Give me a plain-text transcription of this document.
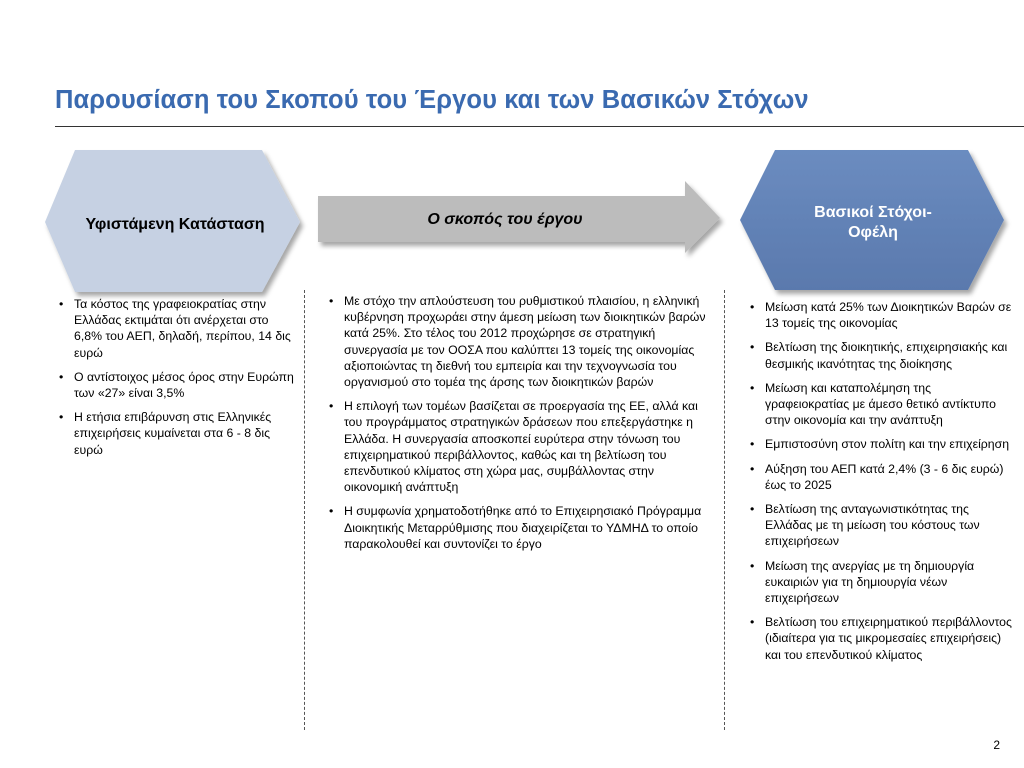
Παρουσίαση του Σκοπού του Έργου και των Βασικών Στόχων
Υφιστάμενη Κατάσταση	Ο σκοπός του έργου	Βασικοί Στόχοι-
Οφέλη
• Τα κόστος της γραφειοκρατίας στην Ελλάδας εκτιμάται ότι ανέρχεται στο 6,8% του ΑΕΠ, δηλαδή, περίπου, 14 δις ευρώ
• Ο αντίστοιχος μέσος όρος στην Ευρώπη των «27» είναι 3,5%
• Η ετήσια επιβάρυνση στις Ελληνικές επιχειρήσεις κυμαίνεται στα 6 - 8 δις ευρώ
• Με στόχο την απλούστευση του ρυθμιστικού πλαισίου, η ελληνική κυβέρνηση προχωράει στην άμεση μείωση των διοικητικών βαρών κατά 25%. Στο τέλος του 2012 προχώρησε σε στρατηγική συνεργασία με τον ΟΟΣΑ που καλύπτει 13 τομείς της οικονομίας αξιοποιώντας τη διεθνή του εμπειρία και την τεχνογνωσία του οργανισμού στο τομέα της άρσης των διοικητικών βαρών
• Η επιλογή των τομέων βασίζεται σε προεργασία της ΕΕ, αλλά και του προγράμματος στρατηγικών δράσεων που επεξεργάστηκε η Ελλάδα. Η συνεργασία αποσκοπεί ευρύτερα στην τόνωση του επιχειρηματικού περιβάλλοντος, καθώς και τη βελτίωση του επενδυτικού κλίματος στη χώρα μας, συμβάλλοντας στην οικονομική ανάπτυξη
• Η συμφωνία χρηματοδοτήθηκε από το Επιχειρησιακό Πρόγραμμα Διοικητικής Μεταρρύθμισης που διαχειρίζεται το ΥΔΜΗΔ το οποίο παρακολουθεί και συντονίζει το έργο
• Μείωση κατά 25% των Διοικητικών Βαρών σε 13 τομείς της οικονομίας
• Βελτίωση της διοικητικής, επιχειρησιακής και θεσμικής ικανότητας της διοίκησης
• Μείωση και καταπολέμηση της γραφειοκρατίας με άμεσο θετικό αντίκτυπο στην οικονομία και την ανάπτυξη
• Εμπιστοσύνη στον πολίτη και την επιχείρηση
• Αύξηση του ΑΕΠ κατά 2,4% (3 - 6 δις ευρώ) έως το 2025
• Βελτίωση της ανταγωνιστικότητας της Ελλάδας με τη μείωση του κόστους των επιχειρήσεων
• Μείωση της ανεργίας με τη δημιουργία ευκαιριών για τη δημιουργία νέων επιχειρήσεων
• Βελτίωση του επιχειρηματικού περιβάλλοντος (ιδιαίτερα για τις μικρομεσαίες επιχειρήσεις) και του επενδυτικού κλίματος
2
